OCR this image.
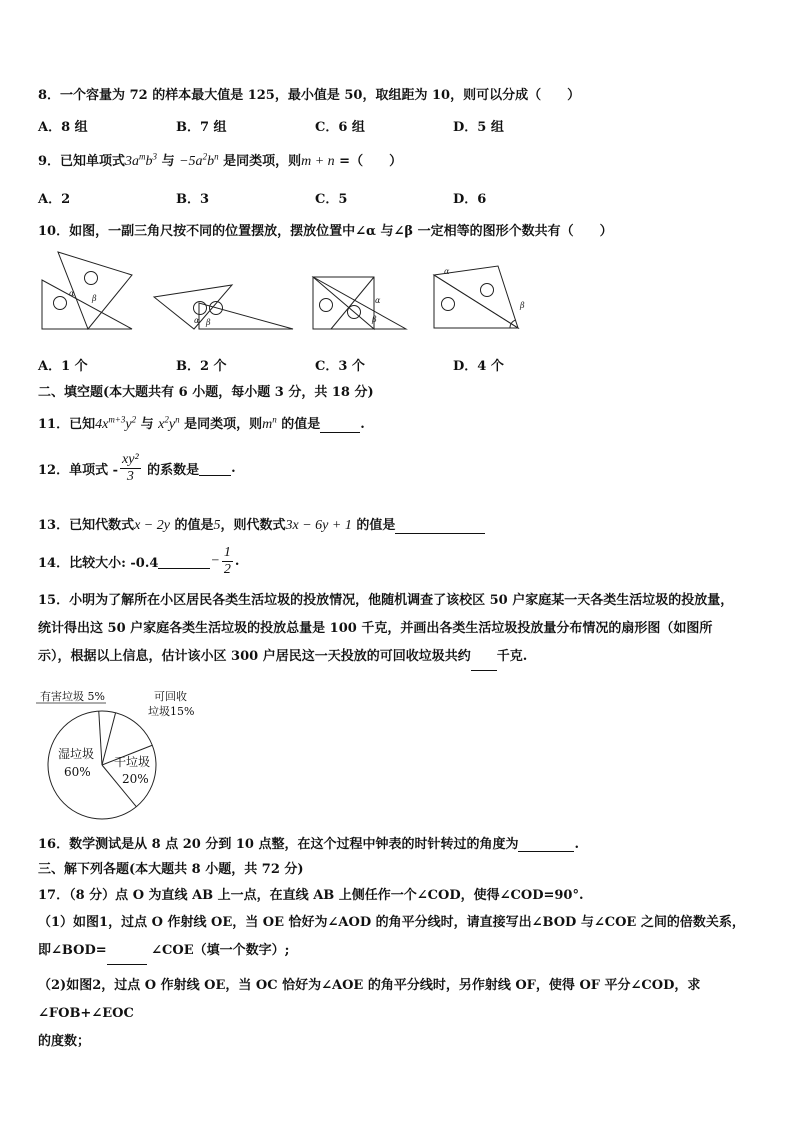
8．一个容量为 72 的样本最大值是 125，最小值是 50，取组距为 10，则可以分成（　　）
A．8 组	B．7 组	C．6 组	D．5 组
9．已知单项式$3a^mb^3$ 与 $-5a^2b^n$ 是同类项，则m + n =（　　）
A．2	B．3	C．5	D．6
10．如图，一副三角尺按不同的位置摆放，摆放位置中∠α 与∠β 一定相等的图形个数共有（　　）
α
β
α β
α
β
α
β
A．1 个	B．2 个	C．3 个	D．4 个
二、填空题(本大题共有 6 小题，每小题 3 分，共 18 分)
11．已知$4x^{m+3}y^2$ 与 $x^2y^n$ 是同类项，则$m^n$ 的值是	.
12．单项式 - $\frac{\text{xy²}}{3}$ 的系数是 .
13．已知代数式x − 2y 的值是5，则代数式3x − 6y + 1 的值是
14．比较大小: -0.4	− $\frac{1}{2}$ .
15．小明为了解所在小区居民各类生活垃圾的投放情况，他随机调查了该校区 50 户家庭某一天各类生活垃圾的投放量，
统计得出这 50 户家庭各类生活垃圾的投放总量是 100 千克，并画出各类生活垃圾投放量分布情况的扇形图（如图所
示），根据以上信息，估计该小区 300 户居民这一天投放的可回收垃圾共约 千克.
有害垃圾 5%	可回收
垃圾15%
湿垃圾
60%
干垃圾
20%
16．数学测试是从 8 点 20 分到 10 点整，在这个过程中钟表的时针转过的角度为	.
三、解下列各题(本大题共 8 小题，共 72 分)
17．（8 分）点 O 为直线 AB 上一点，在直线 AB 上侧任作一个∠COD，使得∠COD=90°.
（1）如图1，过点 O 作射线 OE，当 OE 恰好为∠AOD 的角平分线时，请直接写出∠BOD 与∠COE 之间的倍数关系，
即∠BOD=	∠COE（填一个数字）;
（2)如图2，过点 O 作射线 OE，当 OC 恰好为∠AOE 的角平分线时，另作射线 OF，使得 OF 平分∠COD，求∠FOB+∠EOC
的度数；
